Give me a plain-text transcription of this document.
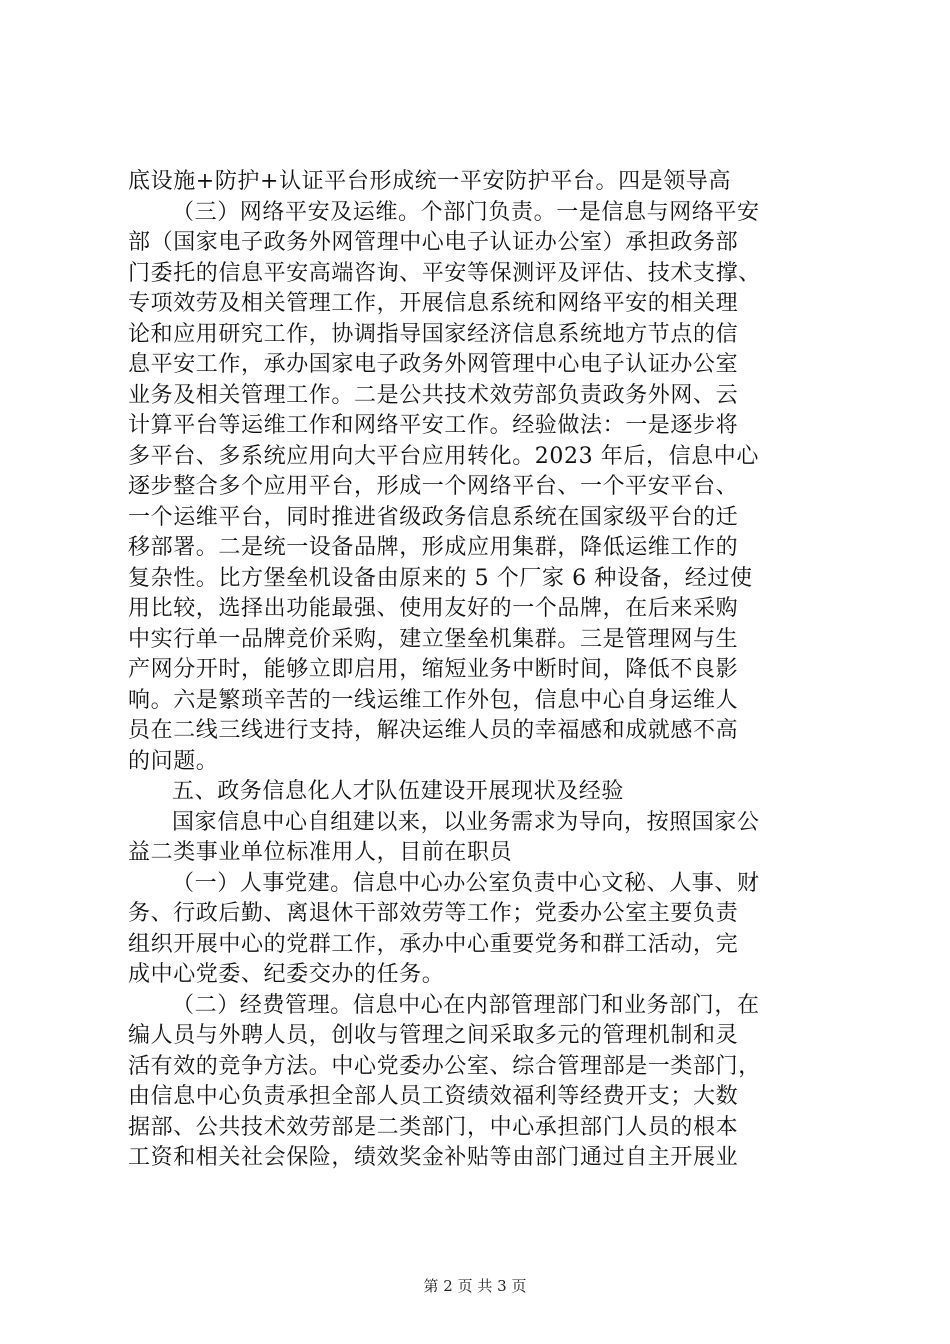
底设施+防护+认证平台形成统一平安防护平台。四是领导高
（三）网络平安及运维。个部门负责。一是信息与网络平安
部（国家电子政务外网管理中心电子认证办公室）承担政务部
门委托的信息平安高端咨询、平安等保测评及评估、技术支撑、
专项效劳及相关管理工作，开展信息系统和网络平安的相关理
论和应用研究工作，协调指导国家经济信息系统地方节点的信
息平安工作，承办国家电子政务外网管理中心电子认证办公室
业务及相关管理工作。二是公共技术效劳部负责政务外网、云
计算平台等运维工作和网络平安工作。经验做法：一是逐步将
多平台、多系统应用向大平台应用转化。2023 年后，信息中心
逐步整合多个应用平台，形成一个网络平台、一个平安平台、
一个运维平台，同时推进省级政务信息系统在国家级平台的迁
移部署。二是统一设备品牌，形成应用集群，降低运维工作的
复杂性。比方堡垒机设备由原来的 5 个厂家 6 种设备，经过使
用比较，选择出功能最强、使用友好的一个品牌，在后来采购
中实行单一品牌竞价采购，建立堡垒机集群。三是管理网与生
产网分开时，能够立即启用，缩短业务中断时间，降低不良影
响。六是繁琐辛苦的一线运维工作外包，信息中心自身运维人
员在二线三线进行支持，解决运维人员的幸福感和成就感不高
的问题。
五、政务信息化人才队伍建设开展现状及经验
国家信息中心自组建以来，以业务需求为导向，按照国家公
益二类事业单位标准用人，目前在职员
（一）人事党建。信息中心办公室负责中心文秘、人事、财
务、行政后勤、离退休干部效劳等工作；党委办公室主要负责
组织开展中心的党群工作，承办中心重要党务和群工活动，完
成中心党委、纪委交办的任务。
（二）经费管理。信息中心在内部管理部门和业务部门，在
编人员与外聘人员，创收与管理之间采取多元的管理机制和灵
活有效的竞争方法。中心党委办公室、综合管理部是一类部门，
由信息中心负责承担全部人员工资绩效福利等经费开支；大数
据部、公共技术效劳部是二类部门，中心承担部门人员的根本
工资和相关社会保险，绩效奖金补贴等由部门通过自主开展业
第 2 页 共 3 页
